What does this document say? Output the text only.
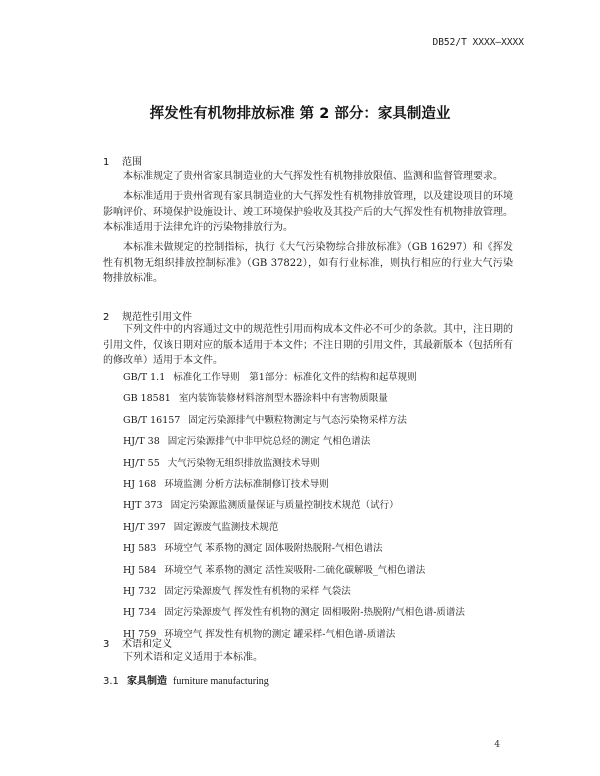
DB52/T XXXX—XXXX
挥发性有机物排放标准 第 2 部分：家具制造业
1 范围
本标准规定了贵州省家具制造业的大气挥发性有机物排放限值、监测和监督管理要求。
本标准适用于贵州省现有家具制造业的大气挥发性有机物排放管理，以及建设项目的环境影响评价、环境保护设施设计、竣工环境保护验收及其投产后的大气挥发性有机物排放管理。本标准适用于法律允许的污染物排放行为。
本标准未做规定的控制指标，执行《大气污染物综合排放标准》（GB 16297）和《挥发性有机物无组织排放控制标准》（GB 37822），如有行业标准，则执行相应的行业大气污染物排放标准。
2 规范性引用文件
下列文件中的内容通过文中的规范性引用而构成本文件必不可少的条款。其中，注日期的引用文件，仅该日期对应的版本适用于本文件；不注日期的引用文件，其最新版本（包括所有的修改单）适用于本文件。
GB/T 1.1 标准化工作导则　第1部分：标准化文件的结构和起草规则
GB 18581 室内装饰装修材料溶剂型木器涂料中有害物质限量
GB/T 16157 固定污染源排气中颗粒物测定与气态污染物采样方法
HJ/T 38 固定污染源排气中非甲烷总烃的测定 气相色谱法
HJ/T 55 大气污染物无组织排放监测技术导则
HJ 168 环境监测 分析方法标准制修订技术导则
HJT 373 固定污染源监测质量保证与质量控制技术规范（试行）
HJ/T 397 固定源废气监测技术规范
HJ 583 环境空气 苯系物的测定 固体吸附热脱附-气相色谱法
HJ 584 环境空气 苯系物的测定 活性炭吸附-二硫化碳解吸_气相色谱法
HJ 732 固定污染源废气 挥发性有机物的采样 气袋法
HJ 734 固定污染源废气 挥发性有机物的测定 固相吸附-热脱附/气相色谱-质谱法
HJ 759 环境空气 挥发性有机物的测定 罐采样-气相色谱-质谱法
3 术语和定义
下列术语和定义适用于本标准。
3.1 家具制造 furniture manufacturing
4
